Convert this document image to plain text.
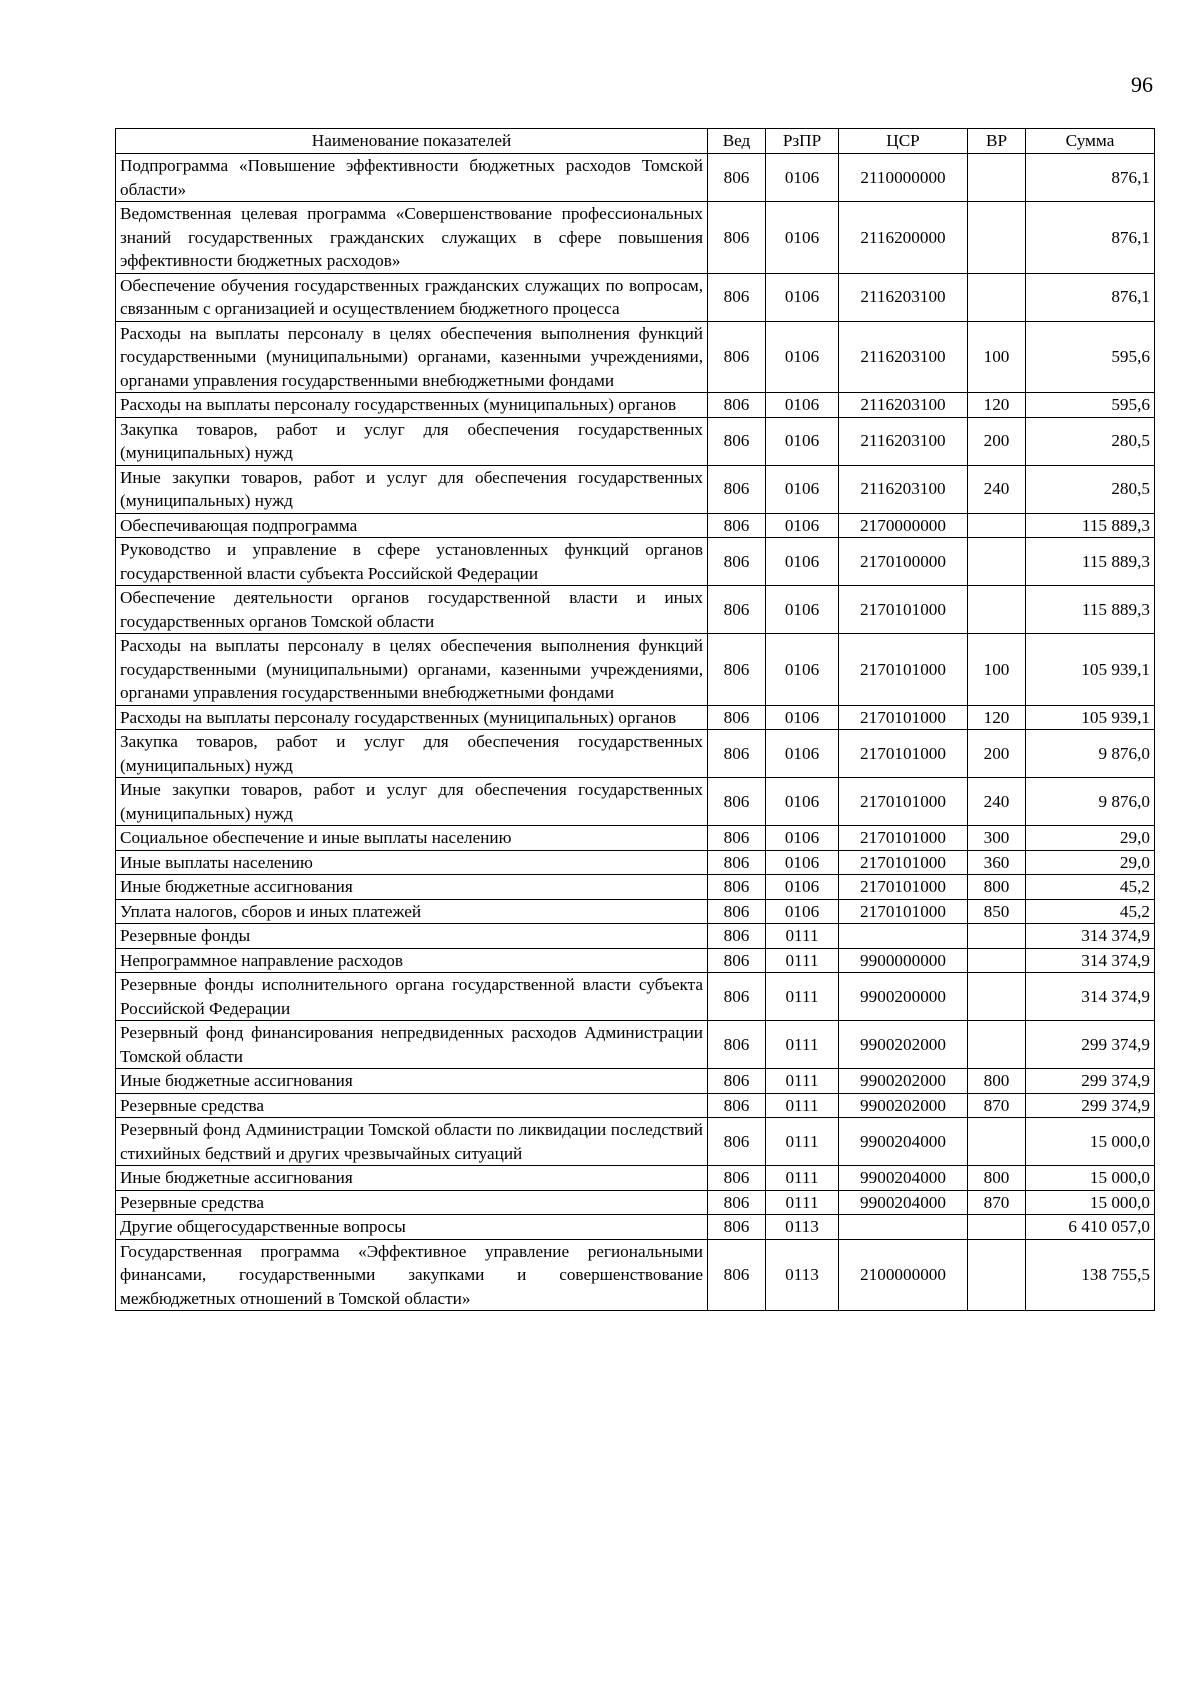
96
Наименование показателей	Вед	РзПР	ЦСР	ВР	Сумма
Подпрограмма «Повышение эффективности бюджетных расходов Томской области»	806	0106	2110000000		876,1
Ведомственная целевая программа «Совершенствование профессиональных знаний государственных гражданских служащих в сфере повышения эффективности бюджетных расходов»	806	0106	2116200000		876,1
Обеспечение обучения государственных гражданских служащих по вопросам, связанным с организацией и осуществлением бюджетного процесса	806	0106	2116203100		876,1
Расходы на выплаты персоналу в целях обеспечения выполнения функций государственными (муниципальными) органами, казенными учреждениями, органами управления государственными внебюджетными фондами	806	0106	2116203100	100	595,6
Расходы на выплаты персоналу государственных (муниципальных) органов	806	0106	2116203100	120	595,6
Закупка товаров, работ и услуг для обеспечения государственных (муниципальных) нужд	806	0106	2116203100	200	280,5
Иные закупки товаров, работ и услуг для обеспечения государственных (муниципальных) нужд	806	0106	2116203100	240	280,5
Обеспечивающая подпрограмма	806	0106	2170000000		115 889,3
Руководство и управление в сфере установленных функций органов государственной власти субъекта Российской Федерации	806	0106	2170100000		115 889,3
Обеспечение деятельности органов государственной власти и иных государственных органов Томской области	806	0106	2170101000		115 889,3
Расходы на выплаты персоналу в целях обеспечения выполнения функций государственными (муниципальными) органами, казенными учреждениями, органами управления государственными внебюджетными фондами	806	0106	2170101000	100	105 939,1
Расходы на выплаты персоналу государственных (муниципальных) органов	806	0106	2170101000	120	105 939,1
Закупка товаров, работ и услуг для обеспечения государственных (муниципальных) нужд	806	0106	2170101000	200	9 876,0
Иные закупки товаров, работ и услуг для обеспечения государственных (муниципальных) нужд	806	0106	2170101000	240	9 876,0
Социальное обеспечение и иные выплаты населению	806	0106	2170101000	300	29,0
Иные выплаты населению	806	0106	2170101000	360	29,0
Иные бюджетные ассигнования	806	0106	2170101000	800	45,2
Уплата налогов, сборов и иных платежей	806	0106	2170101000	850	45,2
Резервные фонды	806	0111			314 374,9
Непрограммное направление расходов	806	0111	9900000000		314 374,9
Резервные фонды исполнительного органа государственной власти субъекта Российской Федерации	806	0111	9900200000		314 374,9
Резервный фонд финансирования непредвиденных расходов Администрации Томской области	806	0111	9900202000		299 374,9
Иные бюджетные ассигнования	806	0111	9900202000	800	299 374,9
Резервные средства	806	0111	9900202000	870	299 374,9
Резервный фонд Администрации Томской области по ликвидации последствий стихийных бедствий и других чрезвычайных ситуаций	806	0111	9900204000		15 000,0
Иные бюджетные ассигнования	806	0111	9900204000	800	15 000,0
Резервные средства	806	0111	9900204000	870	15 000,0
Другие общегосударственные вопросы	806	0113			6 410 057,0
Государственная программа «Эффективное управление региональными финансами, государственными закупками и совершенствование межбюджетных отношений в Томской области»	806	0113	2100000000		138 755,5
